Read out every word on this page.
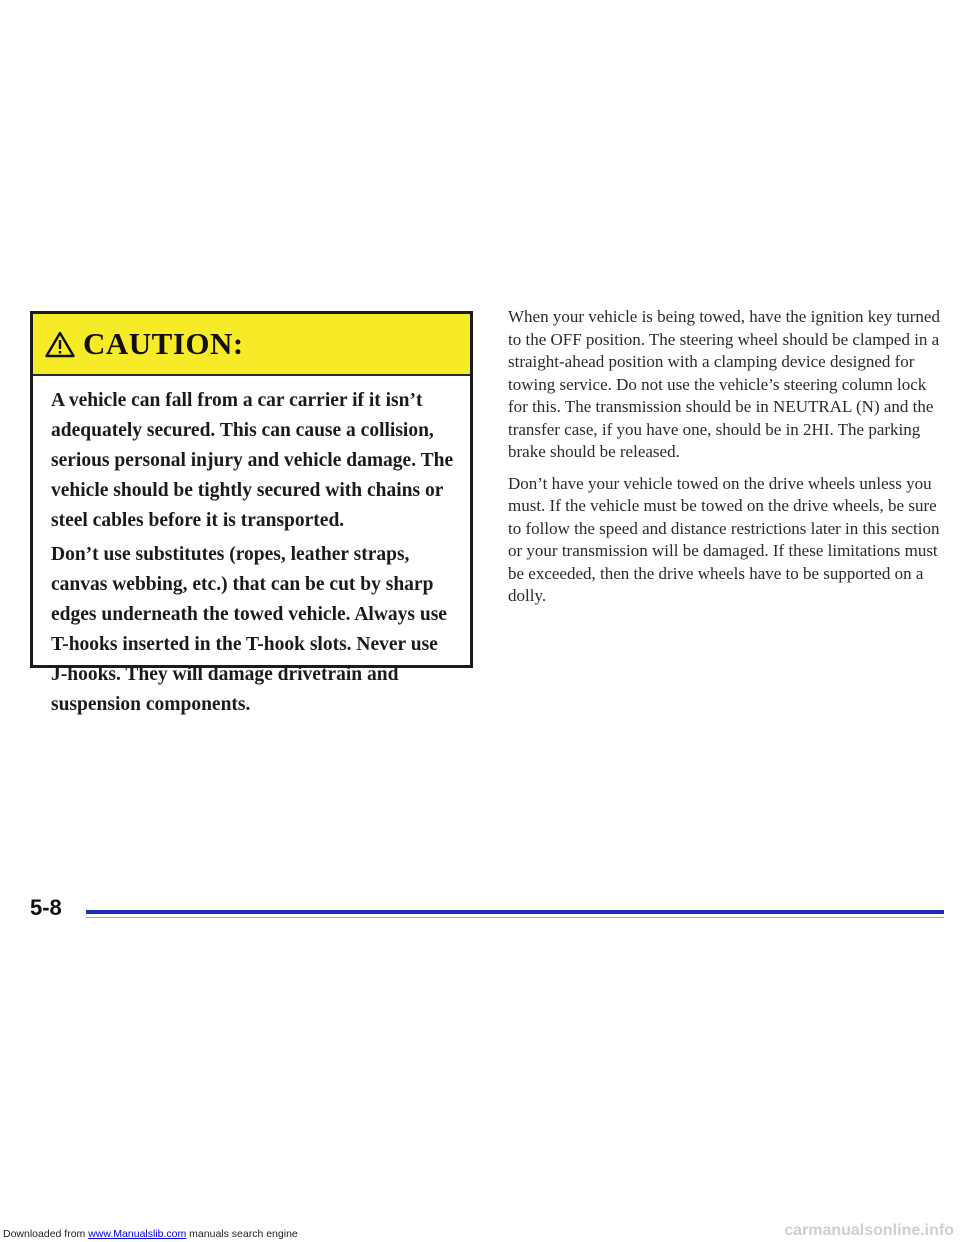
CAUTION:

A vehicle can fall from a car carrier if it isn’t adequately secured. This can cause a collision, serious personal injury and vehicle damage. The vehicle should be tightly secured with chains or steel cables before it is transported.

Don’t use substitutes (ropes, leather straps, canvas webbing, etc.) that can be cut by sharp edges underneath the towed vehicle. Always use T-hooks inserted in the T-hook slots. Never use J-hooks. They will damage drivetrain and suspension components.

When your vehicle is being towed, have the ignition key turned to the OFF position. The steering wheel should be clamped in a straight-ahead position with a clamping device designed for towing service. Do not use the vehicle’s steering column lock for this. The transmission should be in NEUTRAL (N) and the transfer case, if you have one, should be in 2HI. The parking brake should be released.

Don’t have your vehicle towed on the drive wheels unless you must. If the vehicle must be towed on the drive wheels, be sure to follow the speed and distance restrictions later in this section or your transmission will be damaged. If these limitations must be exceeded, then the drive wheels have to be supported on a dolly.

5-8
Downloaded from www.Manualslib.com manuals search engine	carmanualsonline.info
